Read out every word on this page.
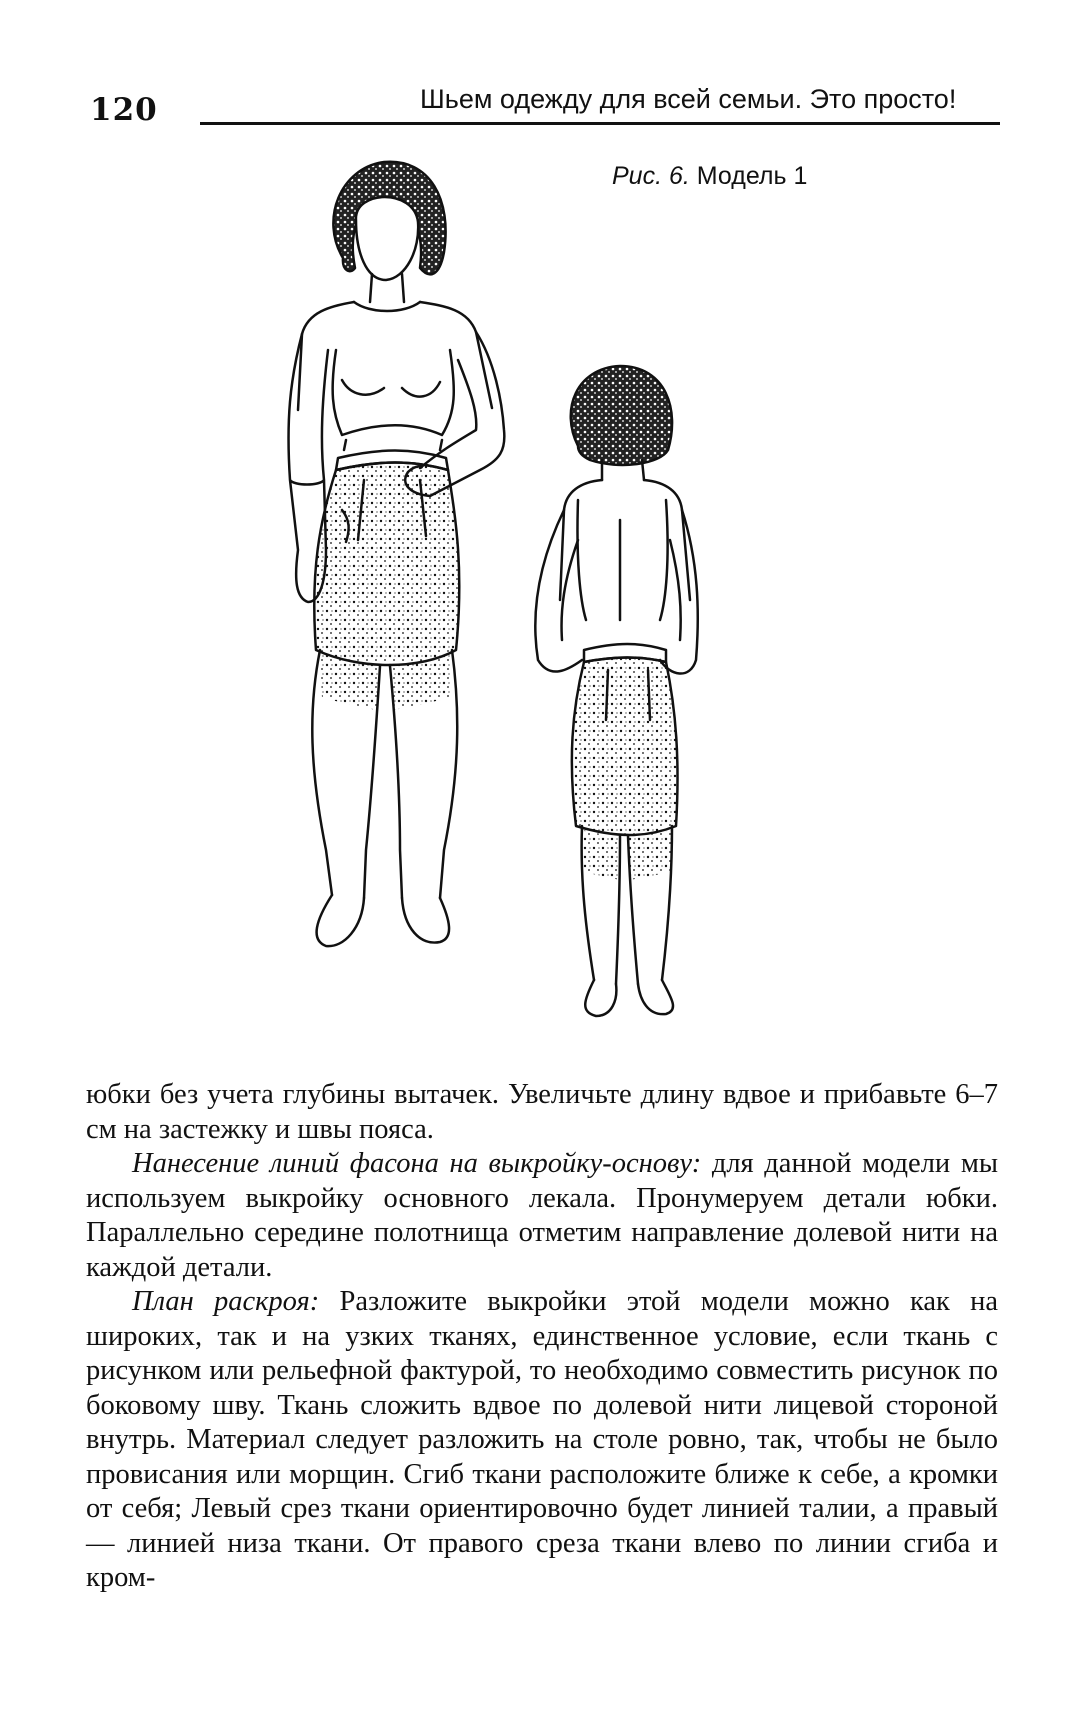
120	Шьем одежду для всей семьи. Это просто!
Рис. 6. Модель 1

юбки без учета глубины вытачек. Увеличьте длину вдвое и прибавьте 6–7 см на застежку и швы пояса.

Нанесение линий фасона на выкройку-основу: для данной модели мы используем выкройку основного лекала. Пронумеруем детали юбки. Параллельно середине полотнища отметим направление долевой нити на каждой детали.

План раскроя: Разложите выкройки этой модели можно как на широких, так и на узких тканях, единственное условие, если ткань с рисунком или рельефной фактурой, то необходимо совместить рисунок по боковому шву. Ткань сложить вдвое по долевой нити лицевой стороной внутрь. Материал следует разложить на столе ровно, так, чтобы не было провисания или морщин. Сгиб ткани расположите ближе к себе, а кромки от себя; Левый срез ткани ориентировочно будет линией талии, а правый — линией низа ткани. От правого среза ткани влево по линии сгиба и кром-
